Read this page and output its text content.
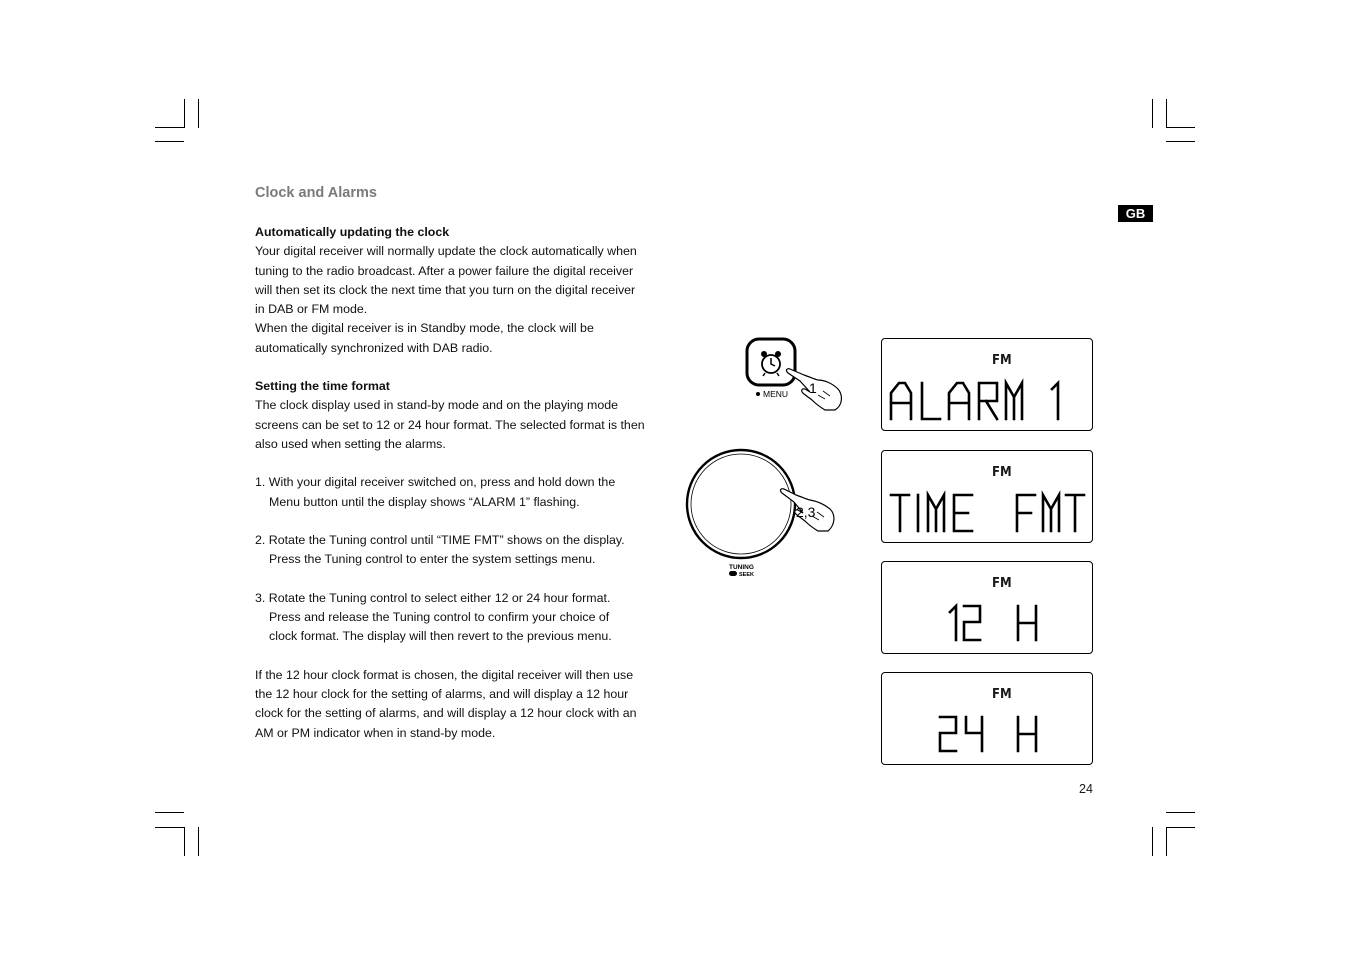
Clock and Alarms
GB
Automatically updating the clock

Your digital receiver will normally update the clock automatically when
tuning to the radio broadcast. After a power failure the digital receiver
will then set its clock the next time that you turn on the digital receiver
in DAB or FM mode.

When the digital receiver is in Standby mode, the clock will be
automatically synchronized with DAB radio.

Setting the time format

The clock display used in stand-by mode and on the playing mode
screens can be set to 12 or 24 hour format. The selected format is then
also used when setting the alarms.

1. With your digital receiver switched on, press and hold down the
Menu button until the display shows “ALARM 1” flashing.

2. Rotate the Tuning control until “TIME FMT” shows on the display.
Press the Tuning control to enter the system settings menu.

3. Rotate the Tuning control to select either 12 or 24 hour format.
Press and release the Tuning control to confirm your choice of
clock format. The display will then revert to the previous menu.

If the 12 hour clock format is chosen, the digital receiver will then use
the 12 hour clock for the setting of alarms, and will display a 12 hour
clock for the setting of alarms, and will display a 12 hour clock with an
AM or PM indicator when in stand-by mode.

MENU 1
TUNING
SEEK
2,3
FM
FM
FM
FM
24
